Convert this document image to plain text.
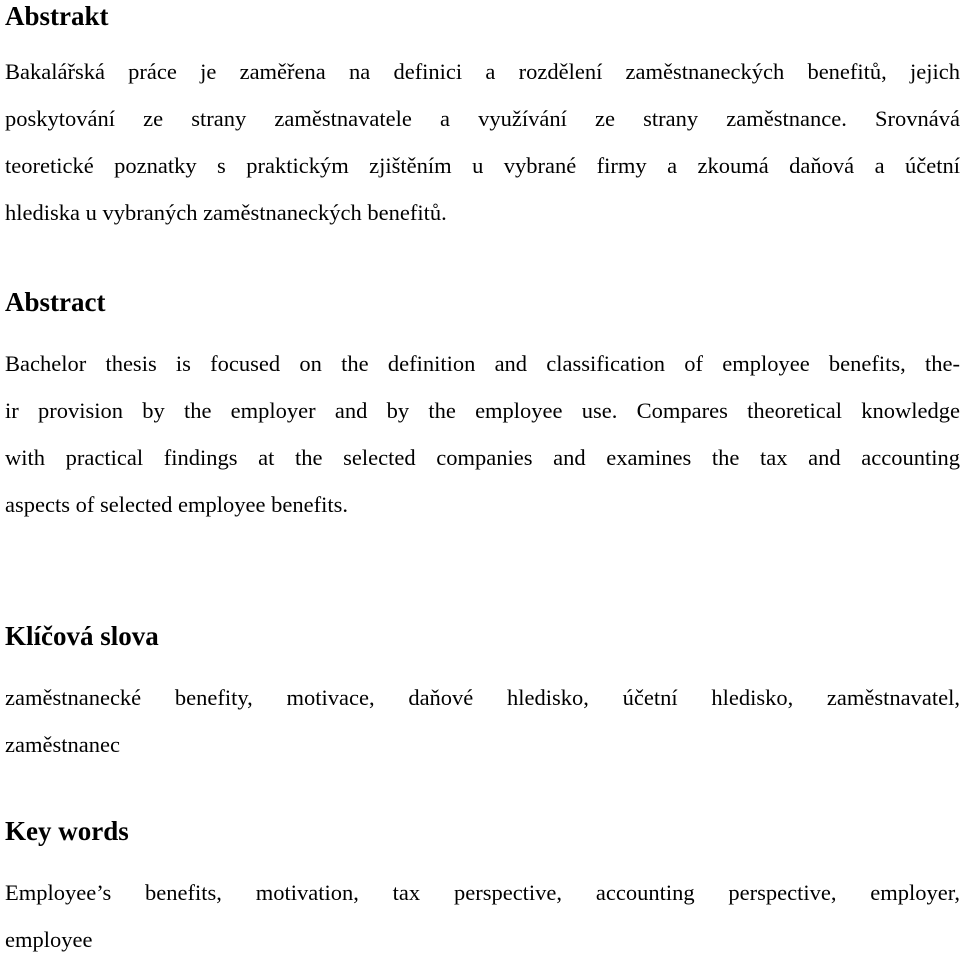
Abstrakt
Bakalářská práce je zaměřena na definici a rozdělení zaměstnaneckých benefitů, jejich
poskytování ze strany zaměstnavatele a využívání ze strany zaměstnance. Srovnává
teoretické poznatky s praktickým zjištěním u vybrané firmy a zkoumá daňová a účetní
hlediska u vybraných zaměstnaneckých benefitů.
Abstract
Bachelor thesis is focused on the definition and classification of employee benefits, the-
ir provision by the employer and by the employee use. Compares theoretical knowledge
with practical findings at the selected companies and examines the tax and accounting
aspects of selected employee benefits.
Klíčová slova
zaměstnanecké benefity, motivace, daňové hledisko, účetní hledisko, zaměstnavatel,
zaměstnanec
Key words
Employee’s benefits, motivation, tax perspective, accounting perspective, employer,
employee
